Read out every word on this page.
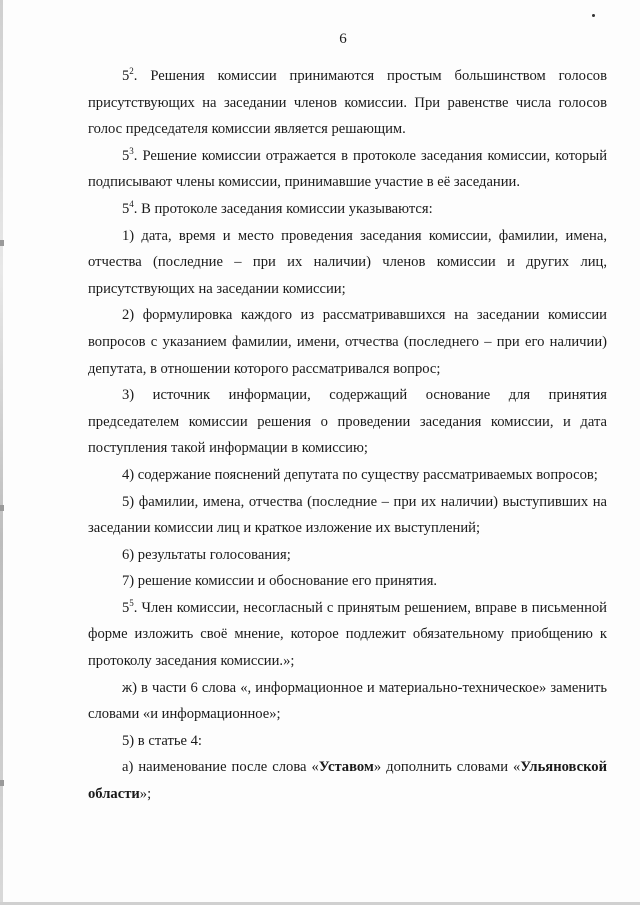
6

$5^2$. Решения комиссии принимаются простым большинством голосов присутствующих на заседании членов комиссии. При равенстве числа голосов голос председателя комиссии является решающим.

$5^3$. Решение комиссии отражается в протоколе заседания комиссии, который подписывают члены комиссии, принимавшие участие в её заседании.

$5^4$. В протоколе заседания комиссии указываются:

1) дата, время и место проведения заседания комиссии, фамилии, имена, отчества (последние – при их наличии) членов комиссии и других лиц, присутствующих на заседании комиссии;

2) формулировка каждого из рассматривавшихся на заседании комиссии вопросов с указанием фамилии, имени, отчества (последнего – при его наличии) депутата, в отношении которого рассматривался вопрос;

3) источник информации, содержащий основание для принятия председателем комиссии решения о проведении заседания комиссии, и дата поступления такой информации в комиссию;

4) содержание пояснений депутата по существу рассматриваемых вопросов;

5) фамилии, имена, отчества (последние – при их наличии) выступивших на заседании комиссии лиц и краткое изложение их выступлений;

6) результаты голосования;

7) решение комиссии и обоснование его принятия.

$5^5$. Член комиссии, несогласный с принятым решением, вправе в письменной форме изложить своё мнение, которое подлежит обязательному приобщению к протоколу заседания комиссии.»;

ж) в части 6 слова «, информационное и материально-техническое» заменить словами «и информационное»;

5) в статье 4:

а) наименование после слова «Уставом» дополнить словами «Ульяновской области»;
